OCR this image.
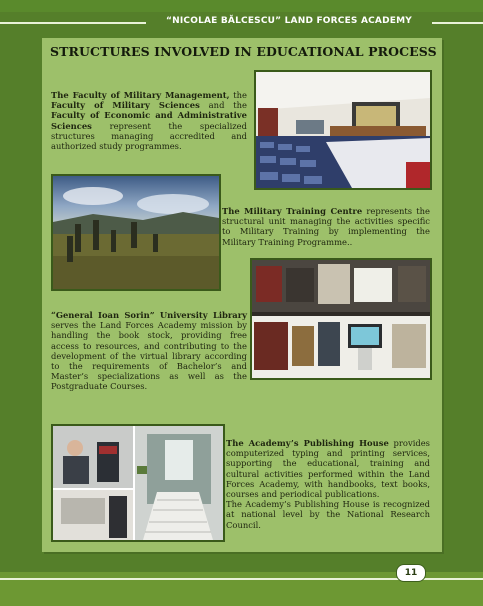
“NICOLAE BĂLCESCU” LAND FORCES ACADEMY
11
STRUCTURES INVOLVED IN EDUCATIONAL PROCESS
The Faculty of Military Management, the Faculty of Military Sciences and the Faculty of Economic and Administrative Sciences represent the specialized structures managing accredited and authorized study programmes.
The Military Training Centre represents the structural unit managing the activities specific to Military Training by implementing the Military Training Programme..
“General Ioan Sorin” University Library serves the Land Forces Academy mission by handling the book stock, providing free access to resources, and contributing to the development of the virtual library according to the requirements of Bachelor’s and Master’s specializations as well as the Postgraduate Courses.
The Academy’s Publishing House provides computerized typing and printing services, supporting the educational, training and cultural activities performed within the Land Forces Academy, with handbooks, text books, courses and periodical publications.
The Academy’s Publishing House is recognized at national level by the National Research Council.
